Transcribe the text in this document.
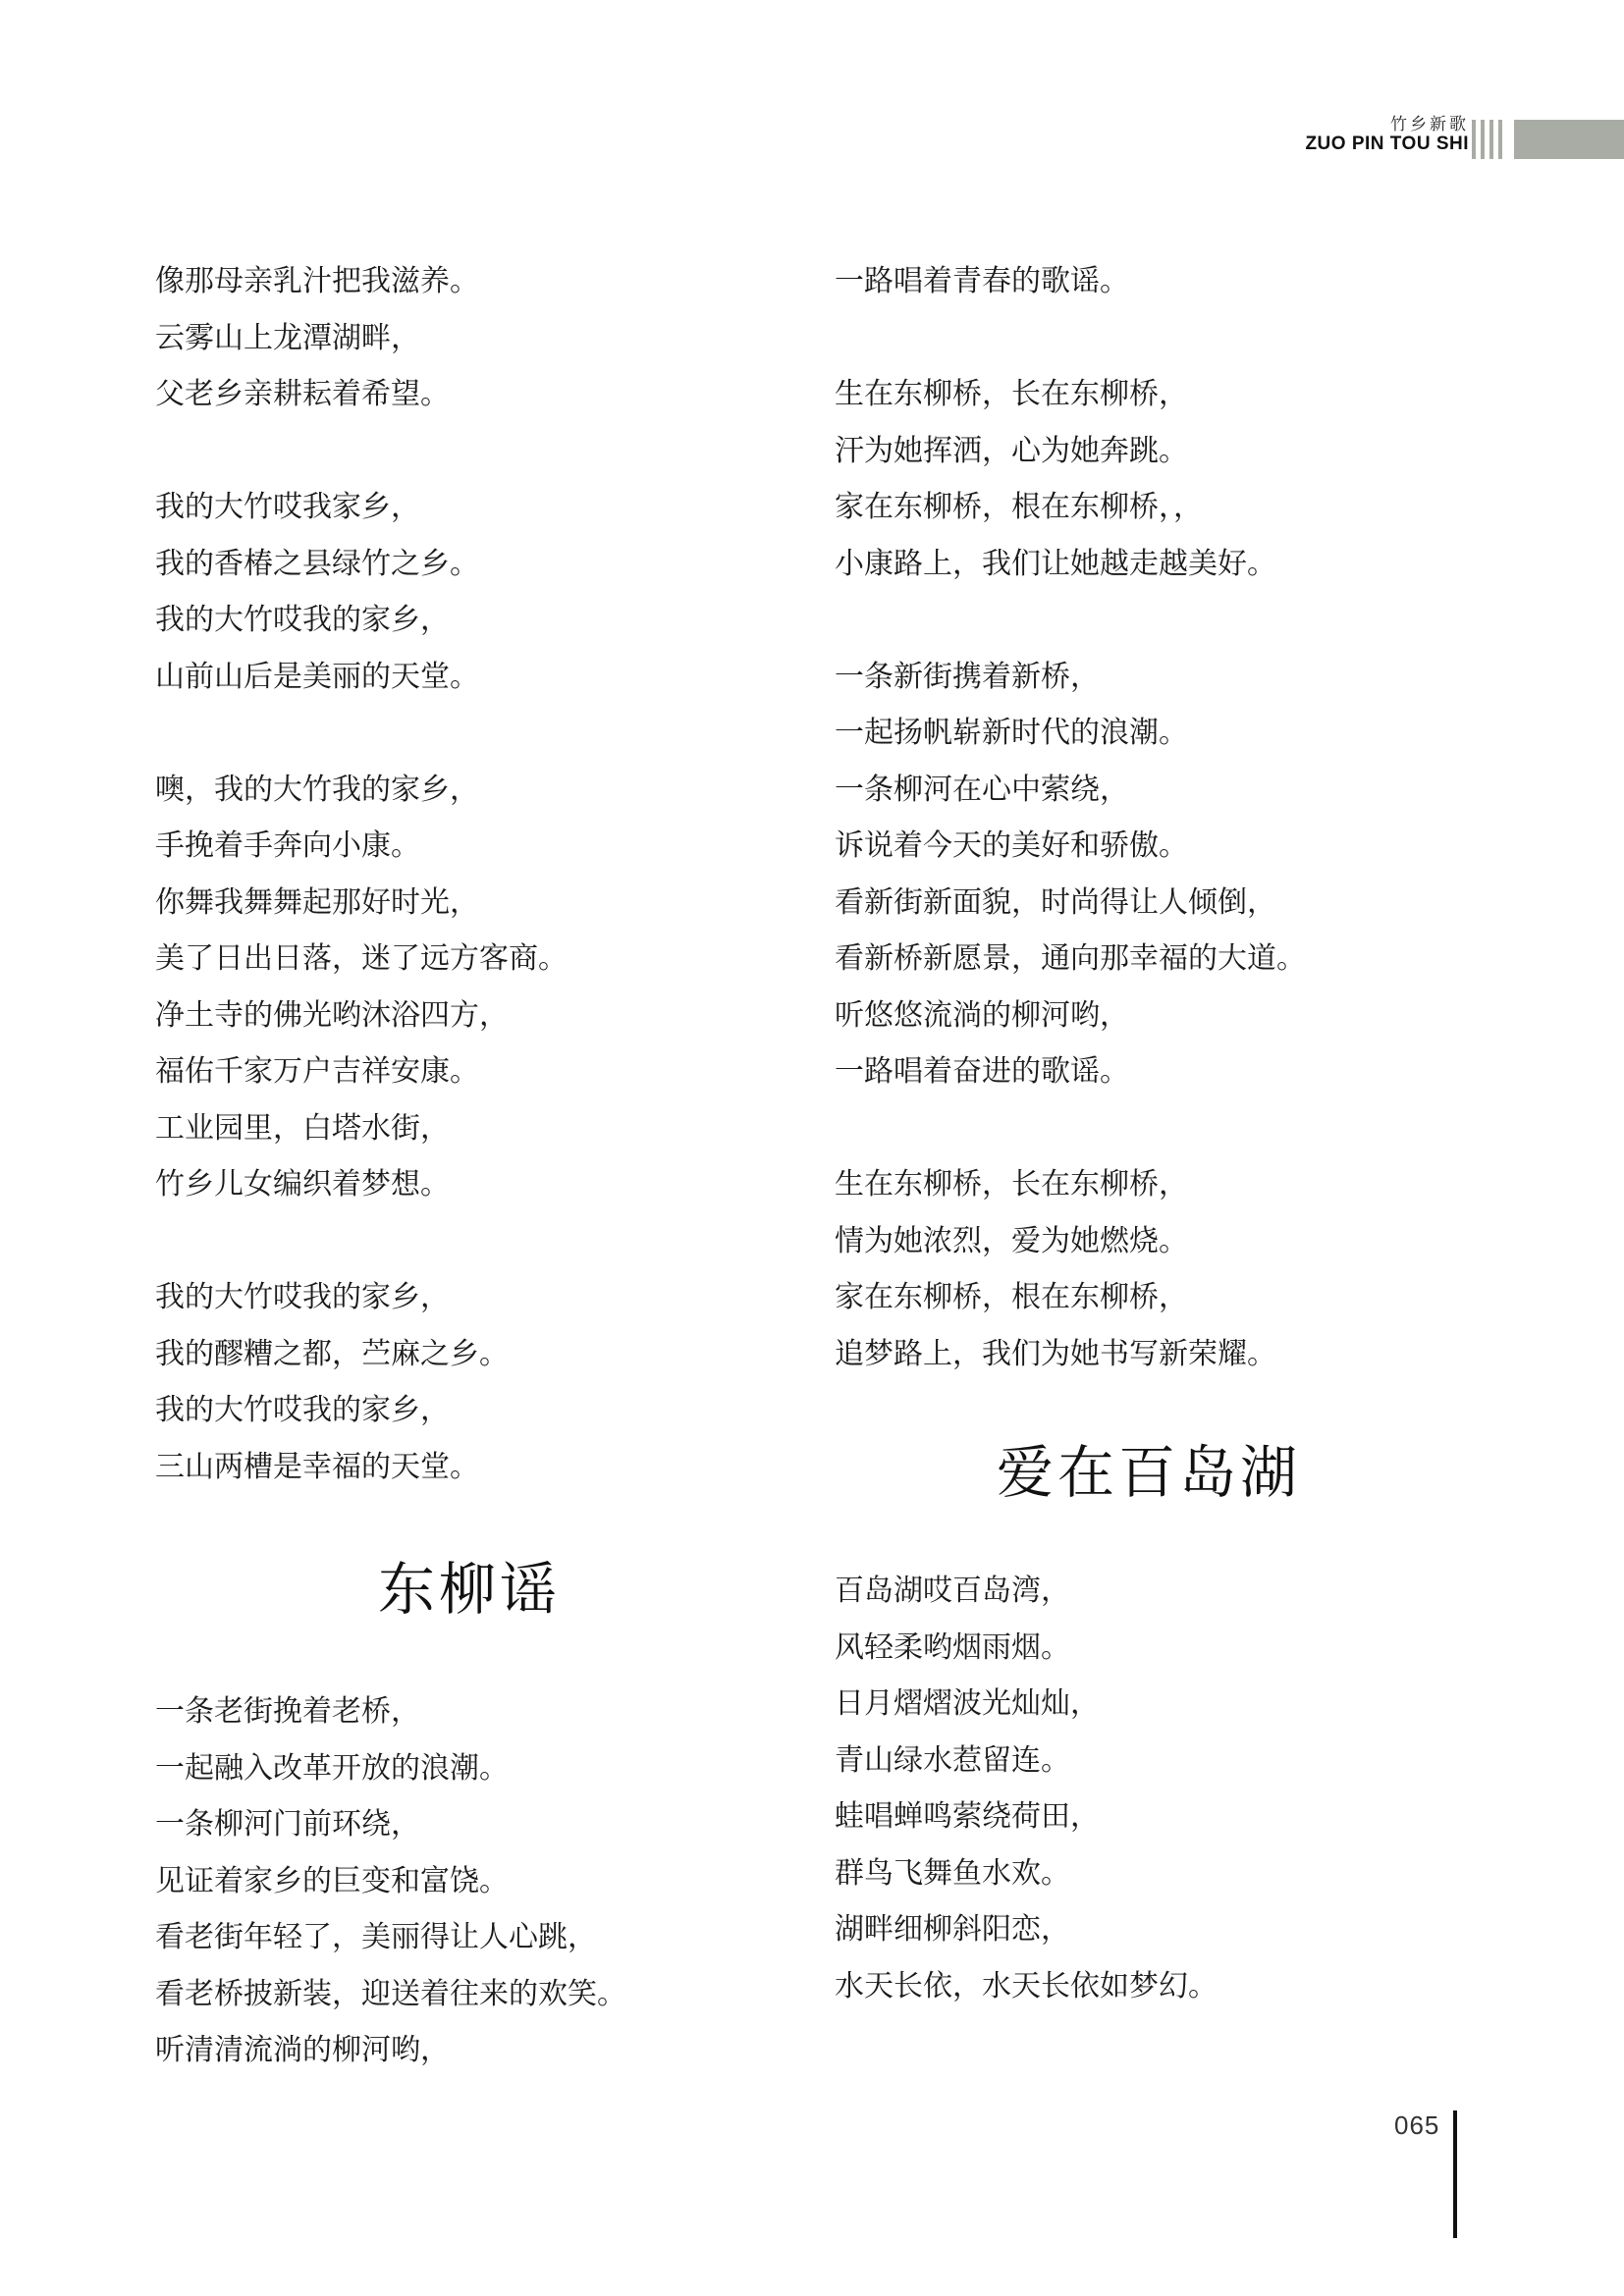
竹乡新歌
ZUO PIN TOU SHI
像那母亲乳汁把我滋养。
云雾山上龙潭湖畔，
父老乡亲耕耘着希望。
我的大竹哎我家乡，
我的香椿之县绿竹之乡。
我的大竹哎我的家乡，
山前山后是美丽的天堂。
噢，我的大竹我的家乡，
手挽着手奔向小康。
你舞我舞舞起那好时光，
美了日出日落，迷了远方客商。
净土寺的佛光哟沐浴四方，
福佑千家万户吉祥安康。
工业园里，白塔水街，
竹乡儿女编织着梦想。
我的大竹哎我的家乡，
我的醪糟之都，苎麻之乡。
我的大竹哎我的家乡，
三山两槽是幸福的天堂。
东柳谣
一条老街挽着老桥，
一起融入改革开放的浪潮。
一条柳河门前环绕，
见证着家乡的巨变和富饶。
看老街年轻了，美丽得让人心跳，
看老桥披新装，迎送着往来的欢笑。
听清清流淌的柳河哟，
一路唱着青春的歌谣。
生在东柳桥，长在东柳桥，
汗为她挥洒，心为她奔跳。
家在东柳桥，根在东柳桥，，
小康路上，我们让她越走越美好。
一条新街携着新桥，
一起扬帆崭新时代的浪潮。
一条柳河在心中萦绕，
诉说着今天的美好和骄傲。
看新街新面貌，时尚得让人倾倒，
看新桥新愿景，通向那幸福的大道。
听悠悠流淌的柳河哟，
一路唱着奋进的歌谣。
生在东柳桥，长在东柳桥，
情为她浓烈，爱为她燃烧。
家在东柳桥，根在东柳桥，
追梦路上，我们为她书写新荣耀。
爱在百岛湖
百岛湖哎百岛湾，
风轻柔哟烟雨烟。
日月熠熠波光灿灿，
青山绿水惹留连。
蛙唱蝉鸣萦绕荷田，
群鸟飞舞鱼水欢。
湖畔细柳斜阳恋，
水天长依，水天长依如梦幻。
065
